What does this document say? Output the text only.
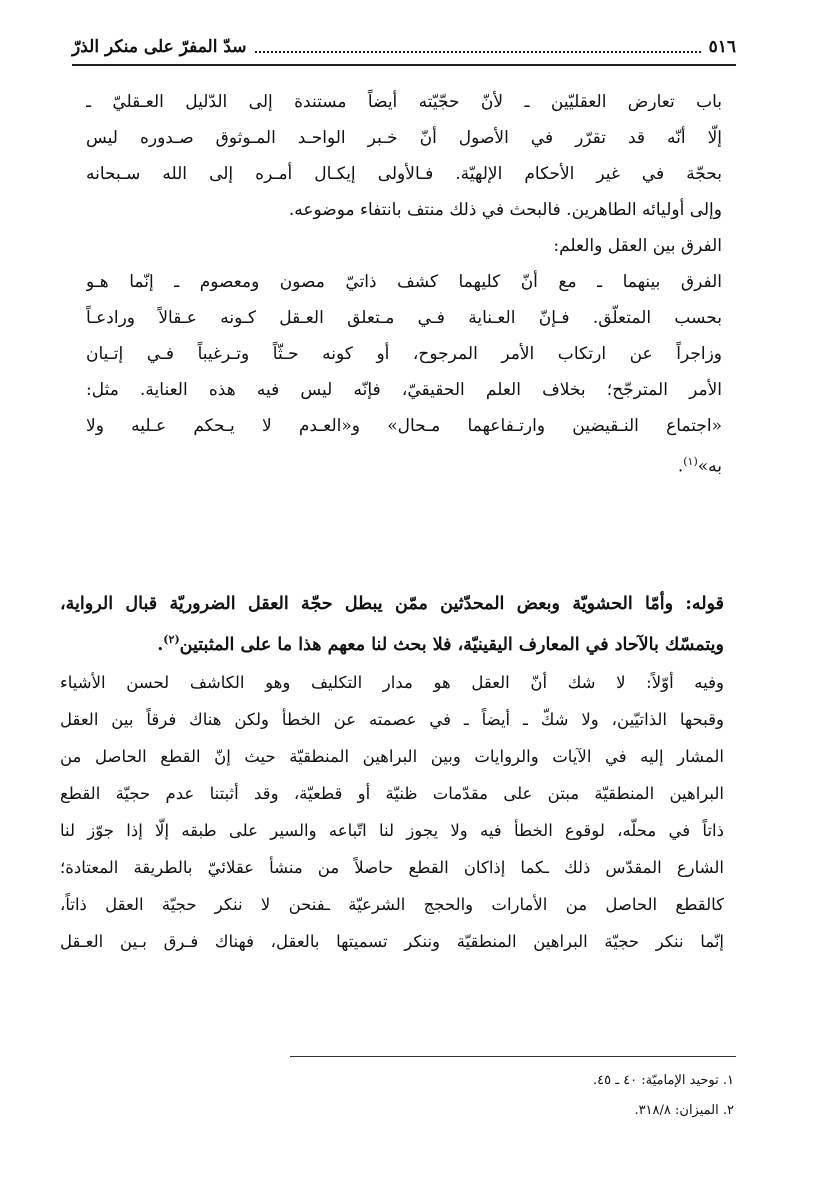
٥١٦
سدّ المفرّ على منكر الذرّ
باب تعارض العقليّين ـ لأنّ حجّيّته أيضاً مستندة إلى الدّليل العـقليّ ـ
إلّا أنّه قد تقرّر في الأصول أنّ خـبر الواحـد المـوثوق صـدوره ليس
بحجّة في غير الأحكام الإلهيّة. فـالأولى إيكـال أمـره إلى الله سـبحانه
وإلى أوليائه الطاهرين. فالبحث في ذلك منتف بانتفاء موضوعه.
الفرق بين العقل والعلم:
الفرق بينهما ـ مع أنّ كليهما كشف ذاتيّ مصون ومعصوم ـ إنّما هـو
بحسب المتعلّق. فـإنّ العـناية فـي مـتعلق العـقل كـونه عـقالاً ورادعـاً
وزاجراً عن ارتكاب الأمر المرجوح، أو كونه حـثّاً وتـرغيباً فـي إتـيان
الأمر المترجّح؛ بخلاف العلم الحقيقيّ، فإنّه ليس فيه هذه العناية. مثل:
«اجتماع النـقيضين وارتـفاعهما مـحال» و«العـدم لا يـحكم عـليه ولا
به»$^{(١)}$.
قوله: وأمّا الحشويّة وبعض المحدّثين ممّن يبطل حجّة العقل الضروريّة قبال الرواية،
ويتمسّك بالآحاد في المعارف اليقينيّة، فلا بحث لنا معهم هذا ما على المثبتين$^{(٢)}$.
وفيه أوّلاً: لا شك أنّ العقل هو مدار التكليف وهو الكاشف لحسن الأشياء
وقبحها الذاتيّين، ولا شكّ ـ أيضاً ـ في عصمته عن الخطأ ولكن هناك فرقاً بين العقل
المشار إليه في الآيات والروايات وبين البراهين المنطقيّة حيث إنّ القطع الحاصل من
البراهين المنطقيّة مبتن على مقدّمات ظنيّة أو قطعيّة، وقد أثبتنا عدم حجيّة القطع
ذاتاً في محلّه، لوقوع الخطأ فيه ولا يجوز لنا اتّباعه والسير على طبقه إلّا إذا جوّز لنا
الشارع المقدّس ذلك ـكما إذاكان القطع حاصلاً من منشأ عقلائيّ بالطريقة المعتادة؛
كالقطع الحاصل من الأمارات والحجج الشرعيّة ـفنحن لا ننكر حجيّة العقل ذاتاً،
إنّما ننكر حجيّة البراهين المنطقيّة وننكر تسميتها بالعقل، فهناك فـرق بـين العـقل
١. توحيد الإماميّة: ٤٠ ـ ٤٥.
٢. الميزان: ٣١٨/٨.
